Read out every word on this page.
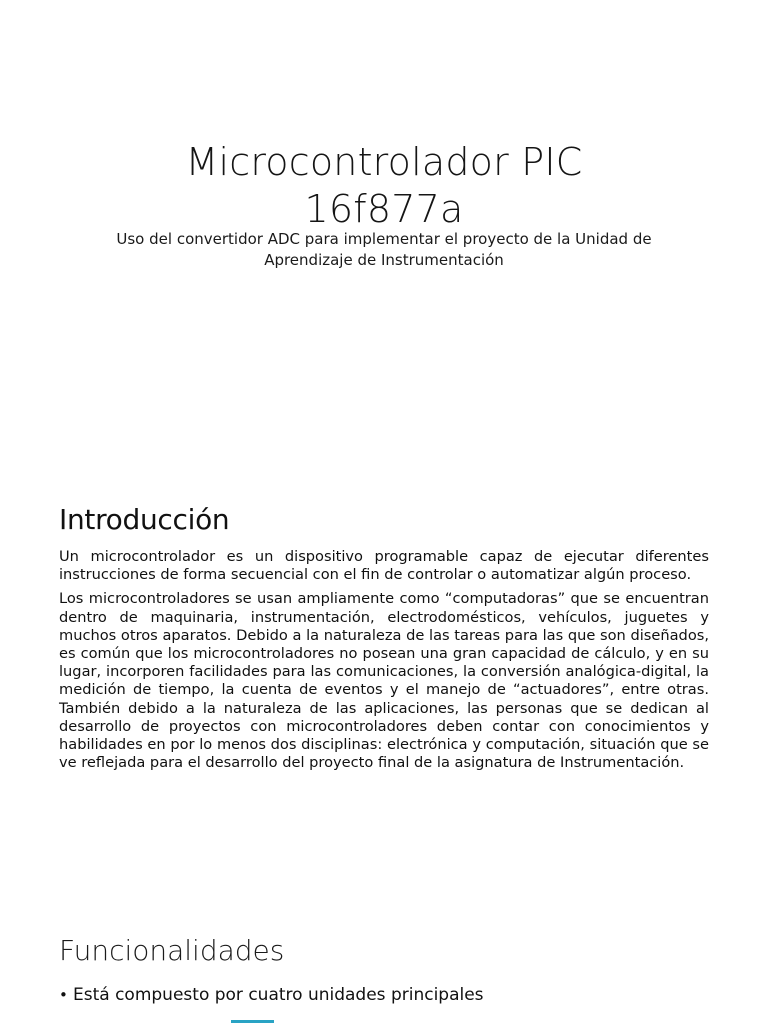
Microcontrolador PIC
16f877a
Uso del convertidor ADC para implementar el proyecto de la Unidad de
Aprendizaje de Instrumentación
Introducción

Un microcontrolador es un dispositivo programable capaz de ejecutar diferentes instrucciones de forma secuencial con el fin de controlar o automatizar algún proceso.

Los microcontroladores se usan ampliamente como “computadoras” que se encuentran dentro de maquinaria, instrumentación, electrodomésticos, vehículos, juguetes y muchos otros aparatos. Debido a la naturaleza de las tareas para las que son diseñados, es común que los microcontroladores no posean una gran capacidad de cálculo, y en su lugar, incorporen facilidades para las comunicaciones, la conversión analógica-digital, la medición de tiempo, la cuenta de eventos y el manejo de “actuadores”, entre otras. También debido a la naturaleza de las aplicaciones, las personas que se dedican al desarrollo de proyectos con microcontroladores deben contar con conocimientos y habilidades en por lo menos dos disciplinas: electrónica y computación, situación que se ve reflejada para el desarrollo del proyecto final de la asignatura de Instrumentación.

Funcionalidades
• Está compuesto por cuatro unidades principales
